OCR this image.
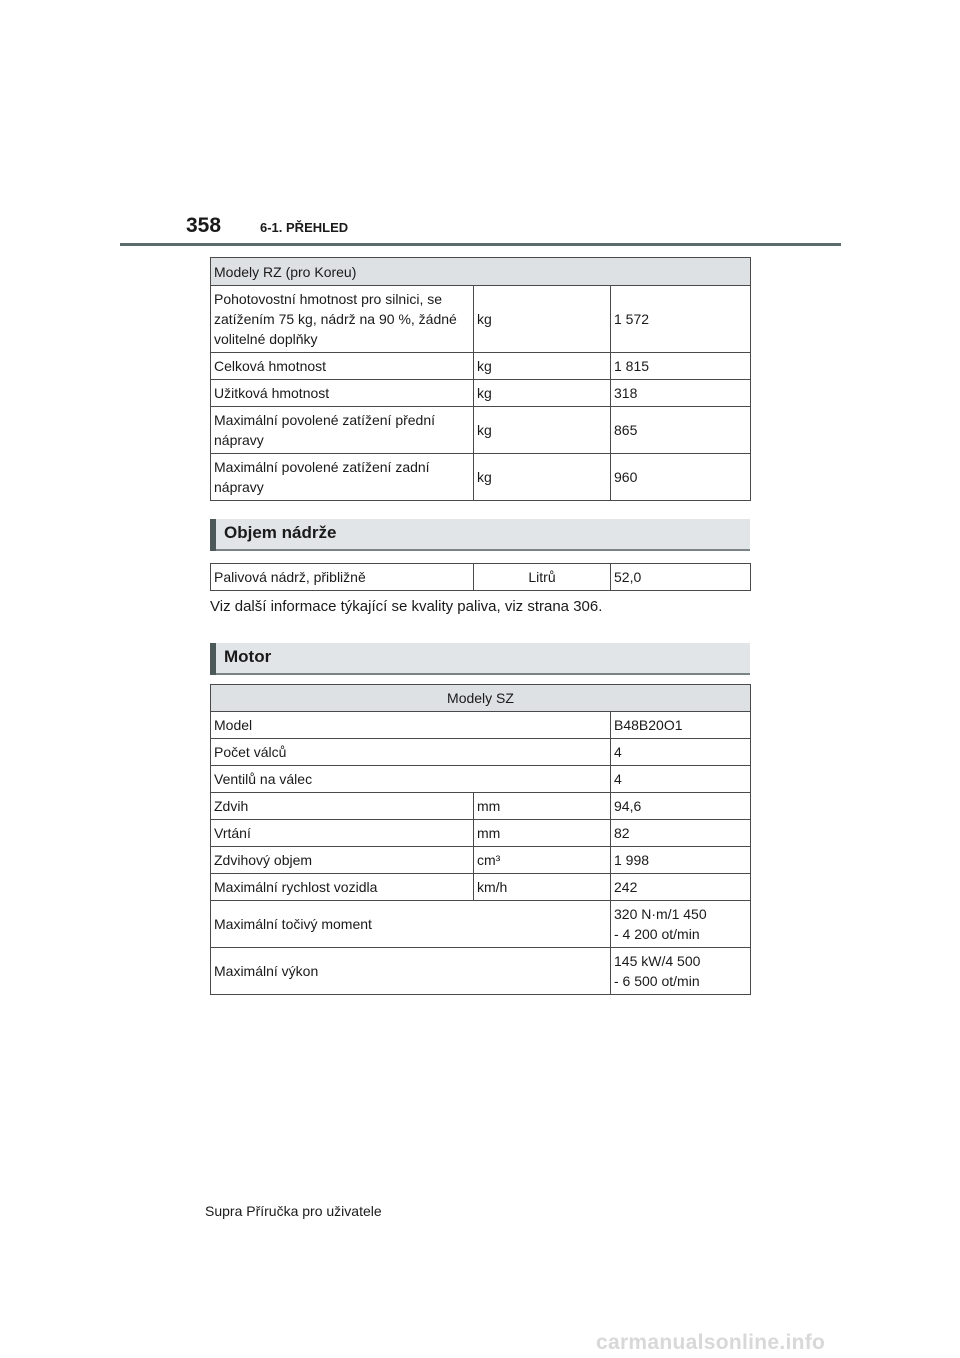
358	6-1. PŘEHLED
Modely RZ (pro Koreu)		
Pohotovostní hmotnost pro silnici, se zatížením 75 kg, nádrž na 90 %, žádné volitelné doplňky	kg	1 572
Celková hmotnost	kg	1 815
Užitková hmotnost	kg	318
Maximální povolené zatížení přední nápravy	kg	865
Maximální povolené zatížení zadní nápravy	kg	960
Objem nádrže
Palivová nádrž, přibližně	Litrů	52,0
Viz další informace týkající se kvality paliva, viz strana 306.
Motor
Modely SZ		
Model		B48B20O1
Počet válců		4
Ventilů na válec		4
Zdvih	mm	94,6
Vrtání	mm	82
Zdvihový objem	cm³	1 998
Maximální rychlost vozidla	km/h	242
Maximální točivý moment		320 N·m/1 450
- 4 200 ot/min

Maximální výkon		145 kW/4 500
- 6 500 ot/min
Supra Příručka pro uživatele
carmanualsonline.info
